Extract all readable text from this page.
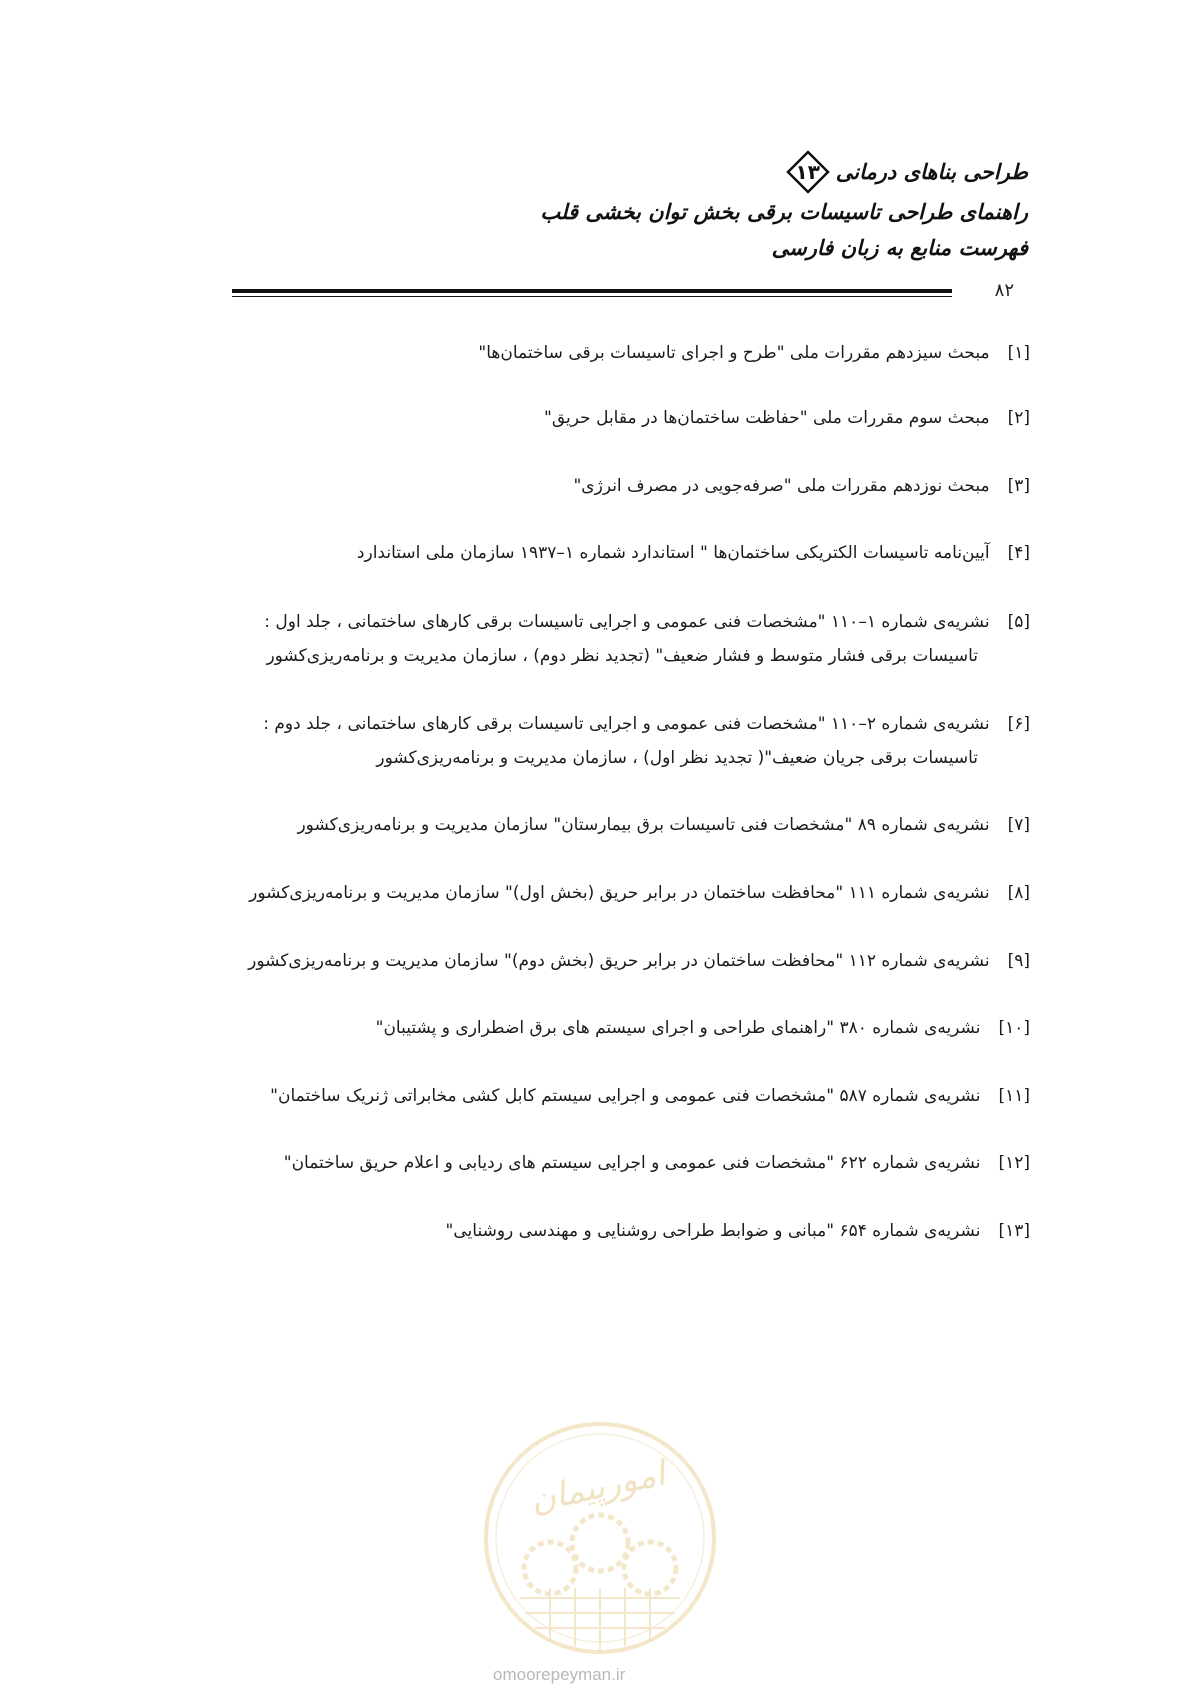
طراحی بناهای درمانی
۱۳
راهنمای طراحی تاسیسات برقی بخش توان بخشی قلب
فهرست منابع به زبان فارسی
۸۲
[۱]مبحث سیزدهم مقررات ملی "طرح و اجرای تاسیسات برقی ساختمان‌ها"
[۲]مبحث سوم مقررات ملی "حفاظت ساختمان‌ها در مقابل حریق"
[۳]مبحث نوزدهم مقررات ملی "صرفه‌جویی در مصرف انرژی"
[۴]آیین‌نامه تاسیسات الکتریکی ساختمان‌ها " استاندارد شماره ۱–۱۹۳۷ سازمان ملی استاندارد
[۵]نشریه‌ی شماره ۱–۱۱۰ "مشخصات فنی عمومی و اجرایی تاسیسات برقی کارهای ساختمانی ، جلد اول :
تاسیسات برقی فشار متوسط و فشار ضعیف" (تجدید نظر دوم) ، سازمان مدیریت و برنامه‌ریزی‌کشور
[۶]نشریه‌ی شماره ۲–۱۱۰ "مشخصات فنی عمومی و اجرایی تاسیسات برقی کارهای ساختمانی ، جلد دوم :
تاسیسات برقی جریان ضعیف"( تجدید نظر اول) ، سازمان مدیریت و برنامه‌ریزی‌کشور
[۷]نشریه‌ی شماره ۸۹ "مشخصات فنی تاسیسات برق بیمارستان" سازمان مدیریت و برنامه‌ریزی‌کشور
[۸]نشریه‌ی شماره ۱۱۱ "محافظت ساختمان در برابر حریق (بخش اول)" سازمان مدیریت و برنامه‌ریزی‌کشور
[۹]نشریه‌ی شماره ۱۱۲ "محافظت ساختمان در برابر حریق (بخش دوم)" سازمان مدیریت و برنامه‌ریزی‌کشور
[۱۰]نشریه‌ی شماره ۳۸۰ "راهنمای طراحی و اجرای سیستم های برق اضطراری و پشتیبان"
[۱۱]نشریه‌ی شماره ۵۸۷ "مشخصات فنی عمومی و اجرایی سیستم کابل کشی مخابراتی ژنریک ساختمان"
[۱۲]نشریه‌ی شماره ۶۲۲ "مشخصات فنی عمومی و اجرایی سیستم های ردیابی و اعلام حریق ساختمان"
[۱۳]نشریه‌ی شماره ۶۵۴ "مبانی و ضوابط طراحی روشنایی و مهندسی روشنایی"
امورپیمان
omoorepeyman.ir
